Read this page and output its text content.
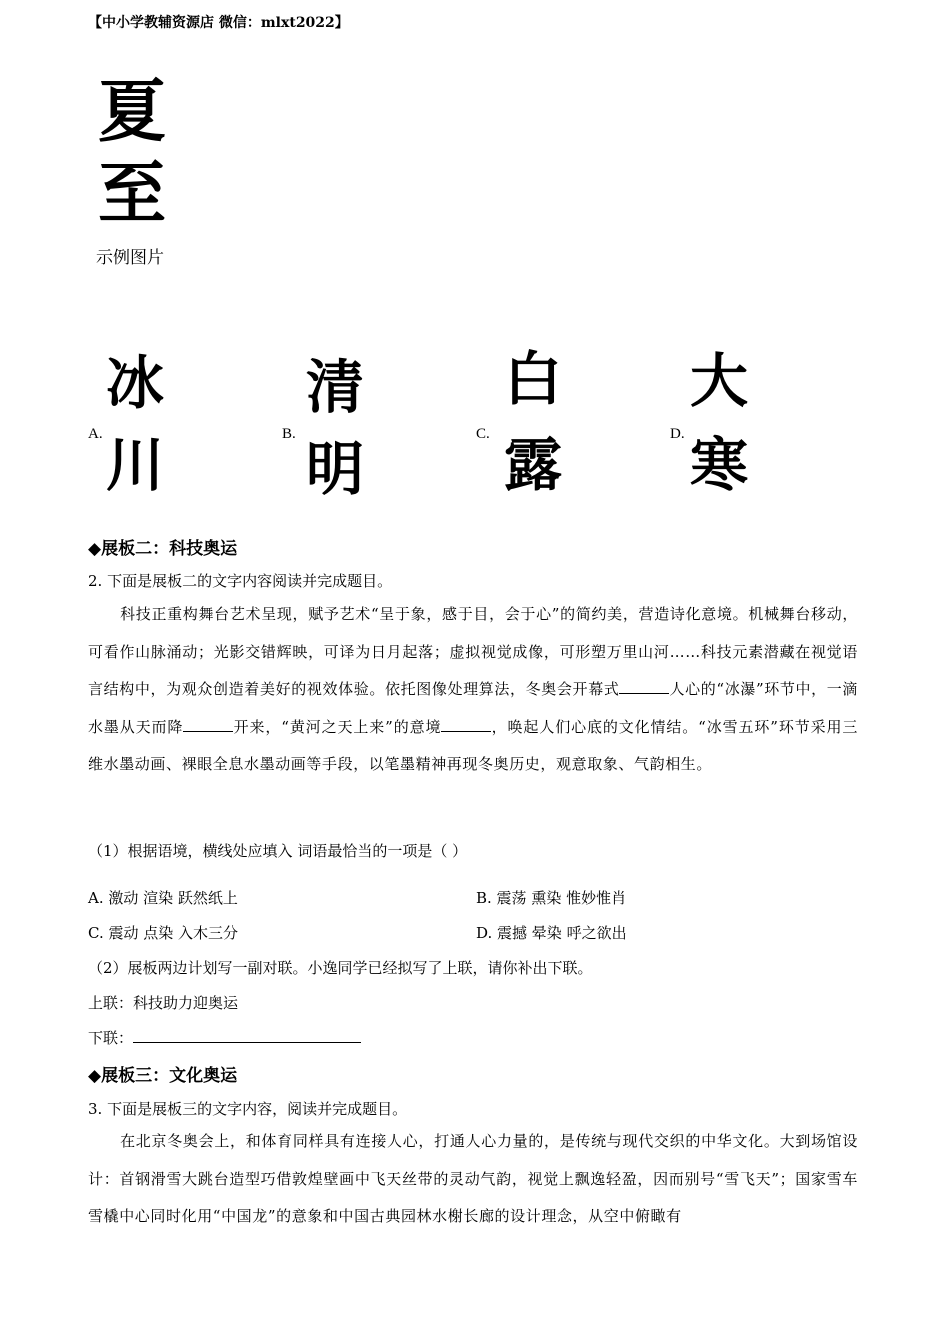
【中小学教辅资源店 微信：mlxt2022】
夏
至
示例图片
A.
冰
川	B.
清
明
C.
白
露	D.
大
寒
◆展板二：科技奥运
2. 下面是展板二的文字内容阅读并完成题目。

科技正重构舞台艺术呈现，赋予艺术“呈于象，感于目，会于心”的简约美，营造诗化意境。机械舞台移动，可看作山脉涌动；光影交错辉映，可译为日月起落；虚拟视觉成像，可形塑万里山河……科技元素潜藏在视觉语言结构中，为观众创造着美好的视效体验。依托图像处理算法，冬奥会开幕式	人心的“冰瀑”环节中，一滴水墨从天而降	开来，“黄河之天上来”的意境	，唤起人们心底的文化情结。“冰雪五环”环节采用三维水墨动画、裸眼全息水墨动画等手段，以笔墨精神再现冬奥历史，观意取象、气韵相生。

（1）根据语境，横线处应填入 词语最恰当的一项是（ ）
A. 激动 渲染 跃然纸上	B. 震荡 熏染 惟妙惟肖
C. 震动 点染 入木三分	D. 震撼 晕染 呼之欲出
（2）展板两边计划写一副对联。小逸同学已经拟写了上联，请你补出下联。
上联：科技助力迎奥运
下联：
◆展板三：文化奥运
3. 下面是展板三的文字内容，阅读并完成题目。

在北京冬奥会上，和体育同样具有连接人心，打通人心力量的，是传统与现代交织的中华文化。大到场馆设计：首钢滑雪大跳台造型巧借敦煌壁画中飞天丝带的灵动气韵，视觉上飘逸轻盈，因而别号“雪飞天”；国家雪车雪橇中心同时化用“中国龙”的意象和中国古典园林水榭长廊的设计理念，从空中俯瞰有
